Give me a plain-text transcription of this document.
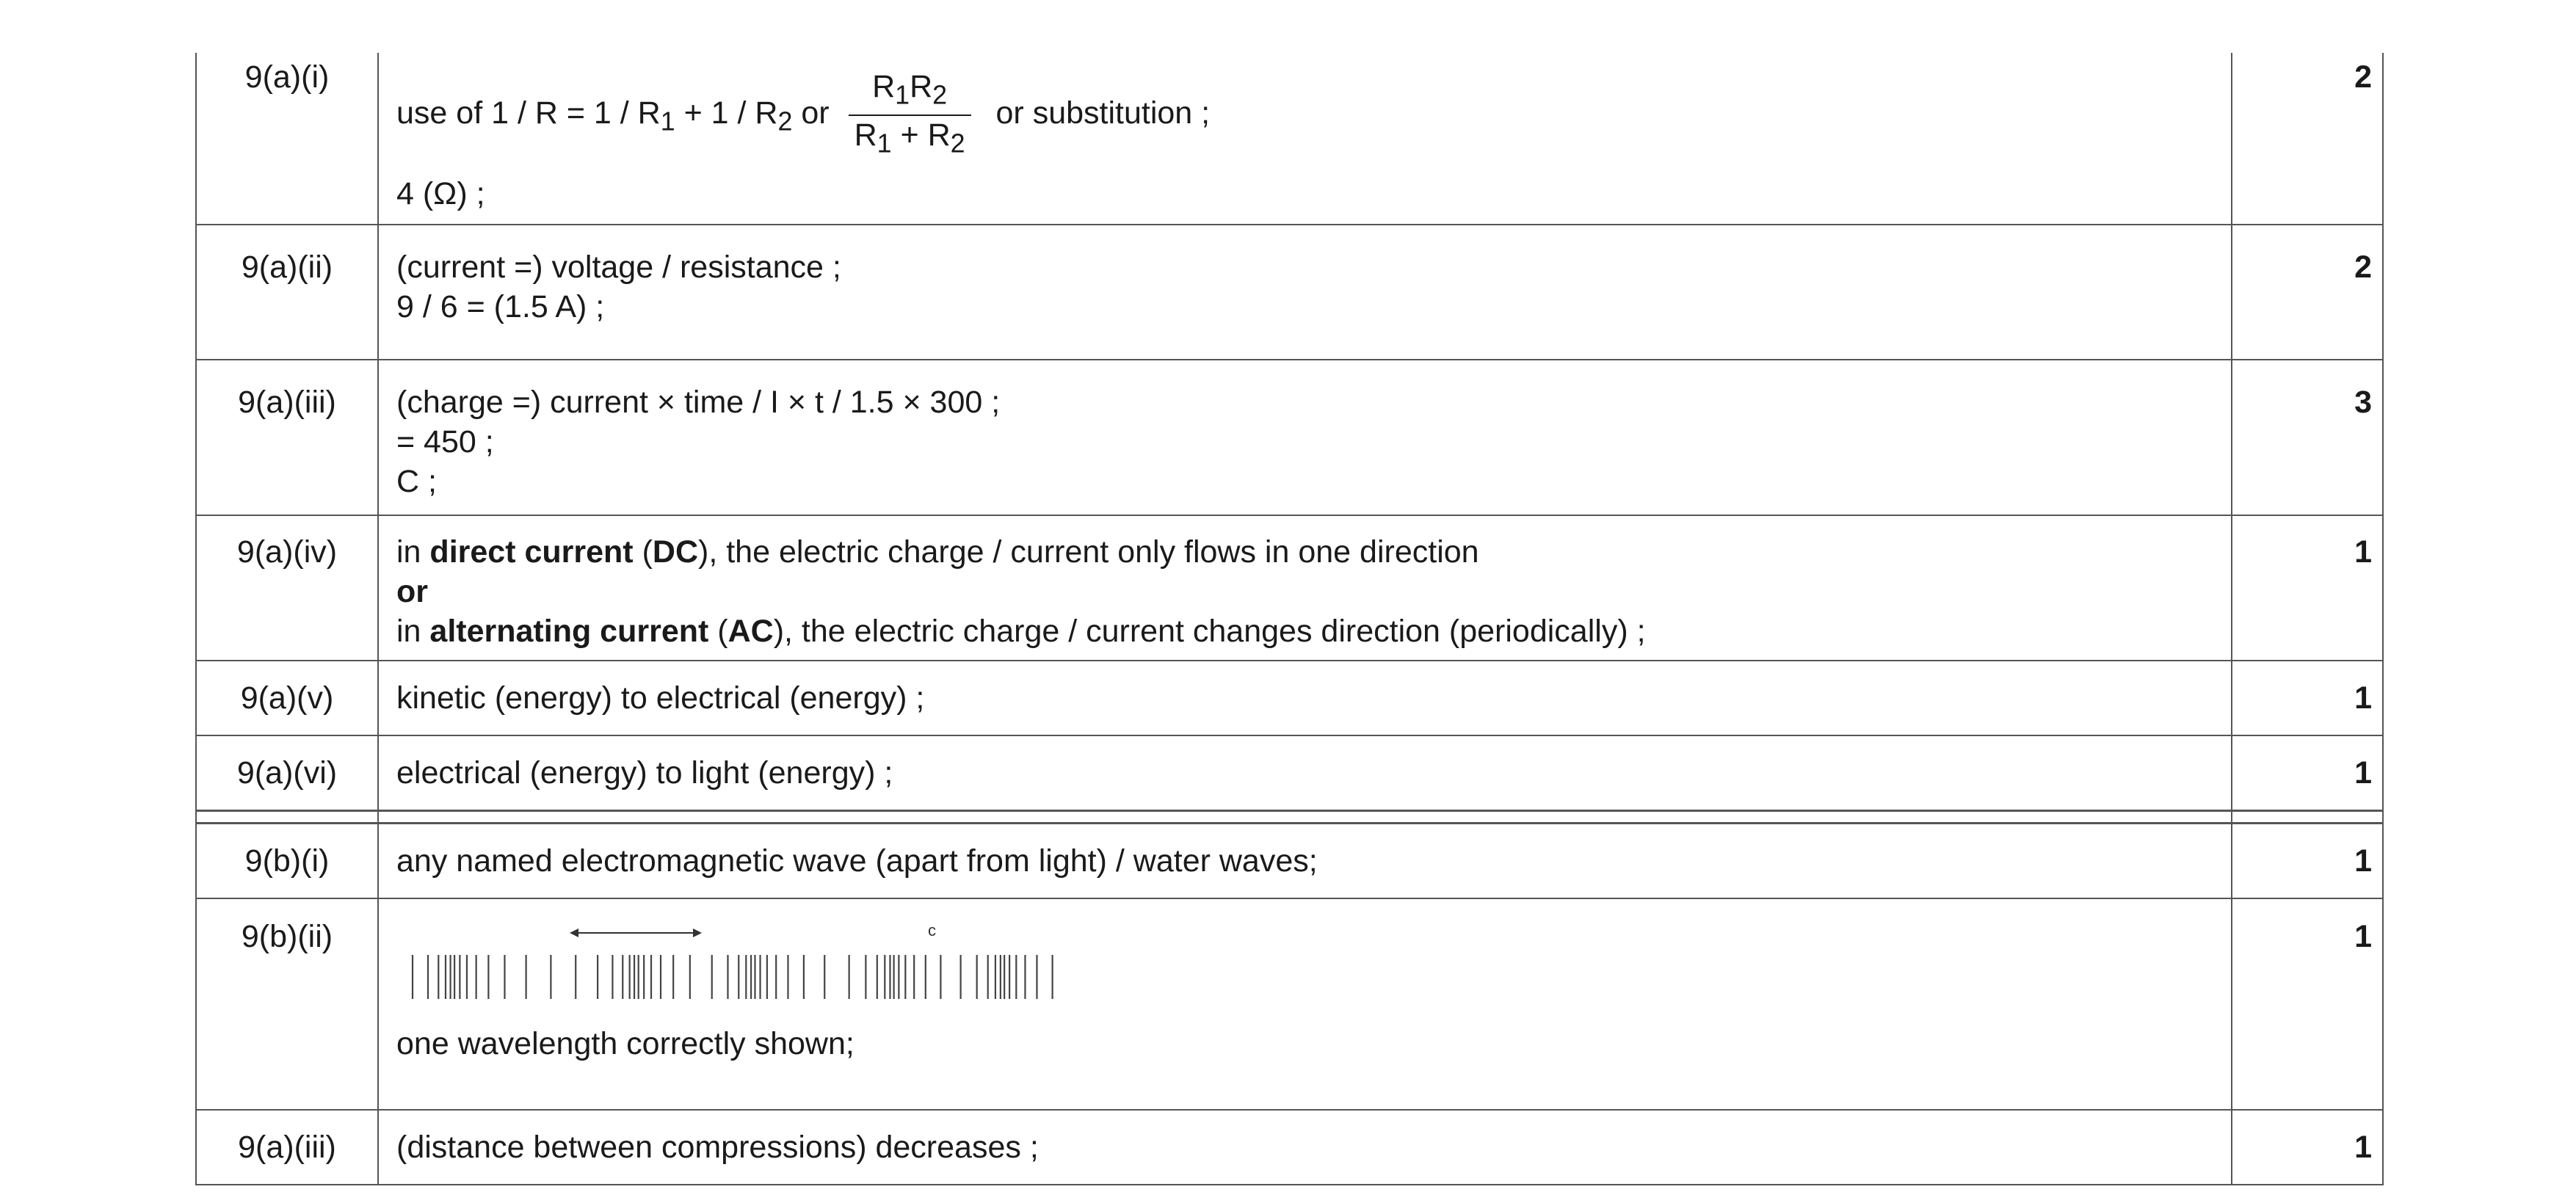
9(a)(i)	use of $1 / R = 1 / R_1 + 1 / R_2$ or $\frac{R_1R_2}{R_1 + R_2}$ or substitution ;
4 (Ω) ;	2
9(a)(ii)	(current =) voltage / resistance ;
9 / 6 = (1.5 A) ;	2
9(a)(iii)	(charge =) current × time / I × t / 1.5 × 300 ;
= 450 ;
C ;	3
9(a)(iv)	in direct current (DC), the electric charge / current only flows in one direction
or
in alternating current (AC), the electric charge / current changes direction (periodically) ;	1
9(a)(v)	kinetic (energy) to electrical (energy) ;	1
9(a)(vi)	electrical (energy) to light (energy) ;	1

9(b)(i)	any named electromagnetic wave (apart from light) / water waves;	1
9(b)(ii)	c
one wavelength correctly shown;	1
9(a)(iii)	(distance between compressions) decreases ;	1
